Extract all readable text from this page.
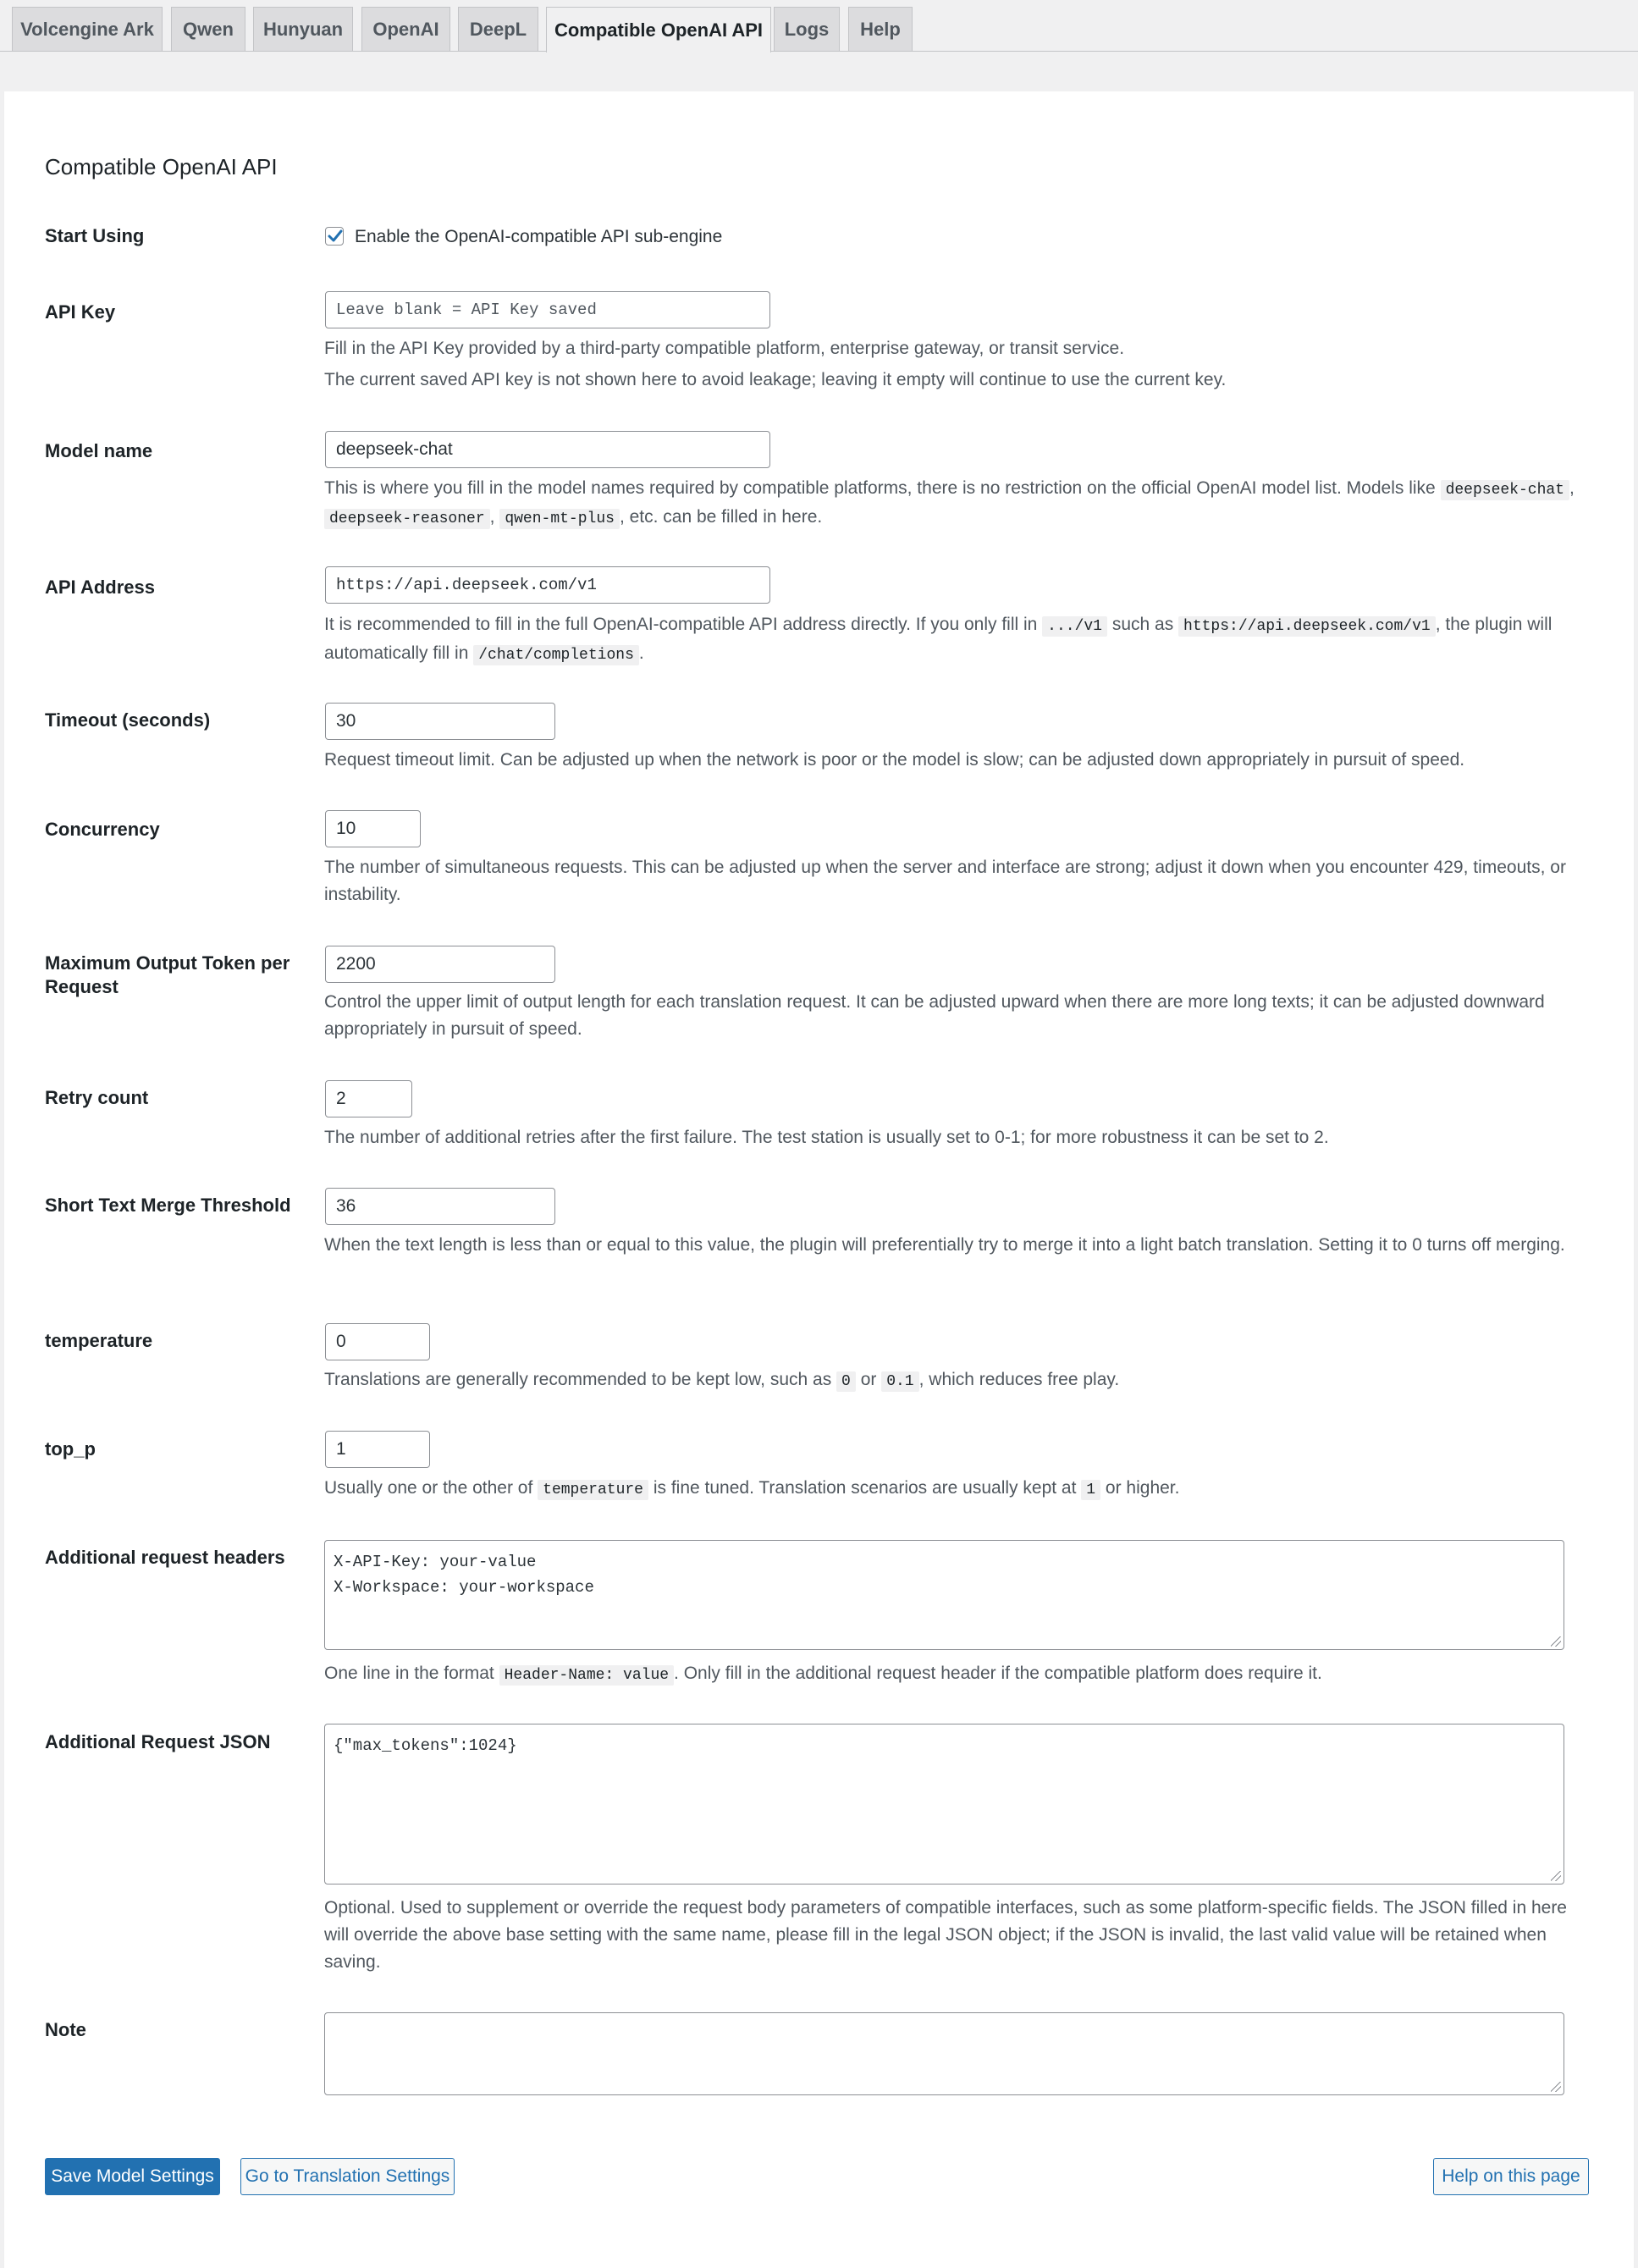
Volcengine Ark	Qwen	Hunyuan	OpenAI	DeepL	Compatible OpenAI API	Logs	Help
Compatible OpenAI API
Start Using	Enable the OpenAI-compatible API sub-engine
API Key	Leave blank = API Key saved
Fill in the API Key provided by a third-party compatible platform, enterprise gateway, or transit service.
The current saved API key is not shown here to avoid leakage; leaving it empty will continue to use the current key.
Model name	deepseek-chat
This is where you fill in the model names required by compatible platforms, there is no restriction on the official OpenAI model list. Models like deepseek-chat , deepseek-reasoner , qwen-mt-plus , etc. can be filled in here.
API Address	https://api.deepseek.com/v1
It is recommended to fill in the full OpenAI-compatible API address directly. If you only fill in .../v1 such as https://api.deepseek.com/v1 , the plugin will automatically fill in /chat/completions .
Timeout (seconds)	30
Request timeout limit. Can be adjusted up when the network is poor or the model is slow; can be adjusted down appropriately in pursuit of speed.
Concurrency	10
The number of simultaneous requests. This can be adjusted up when the server and interface are strong; adjust it down when you encounter 429, timeouts, or instability.
Maximum Output Token per Request
2200
Control the upper limit of output length for each translation request. It can be adjusted upward when there are more long texts; it can be adjusted downward appropriately in pursuit of speed.
Retry count	2
The number of additional retries after the first failure. The test station is usually set to 0-1; for more robustness it can be set to 2.
Short Text Merge Threshold	36
When the text length is less than or equal to this value, the plugin will preferentially try to merge it into a light batch translation. Setting it to 0 turns off merging.
temperature	0
Translations are generally recommended to be kept low, such as 0 or 0.1 , which reduces free play.
top_p	1
Usually one or the other of temperature is fine tuned. Translation scenarios are usually kept at 1 or higher.
Additional request headers	X-API-Key: your-value
X-Workspace: your-workspace
One line in the format Header-Name: value . Only fill in the additional request header if the compatible platform does require it.
Additional Request JSON	{"max_tokens":1024}
Optional. Used to supplement or override the request body parameters of compatible interfaces, such as some platform-specific fields. The JSON filled in here will override the above base setting with the same name, please fill in the legal JSON object; if the JSON is invalid, the last valid value will be retained when saving.
Note
Save Model Settings	Go to Translation Settings	Help on this page
